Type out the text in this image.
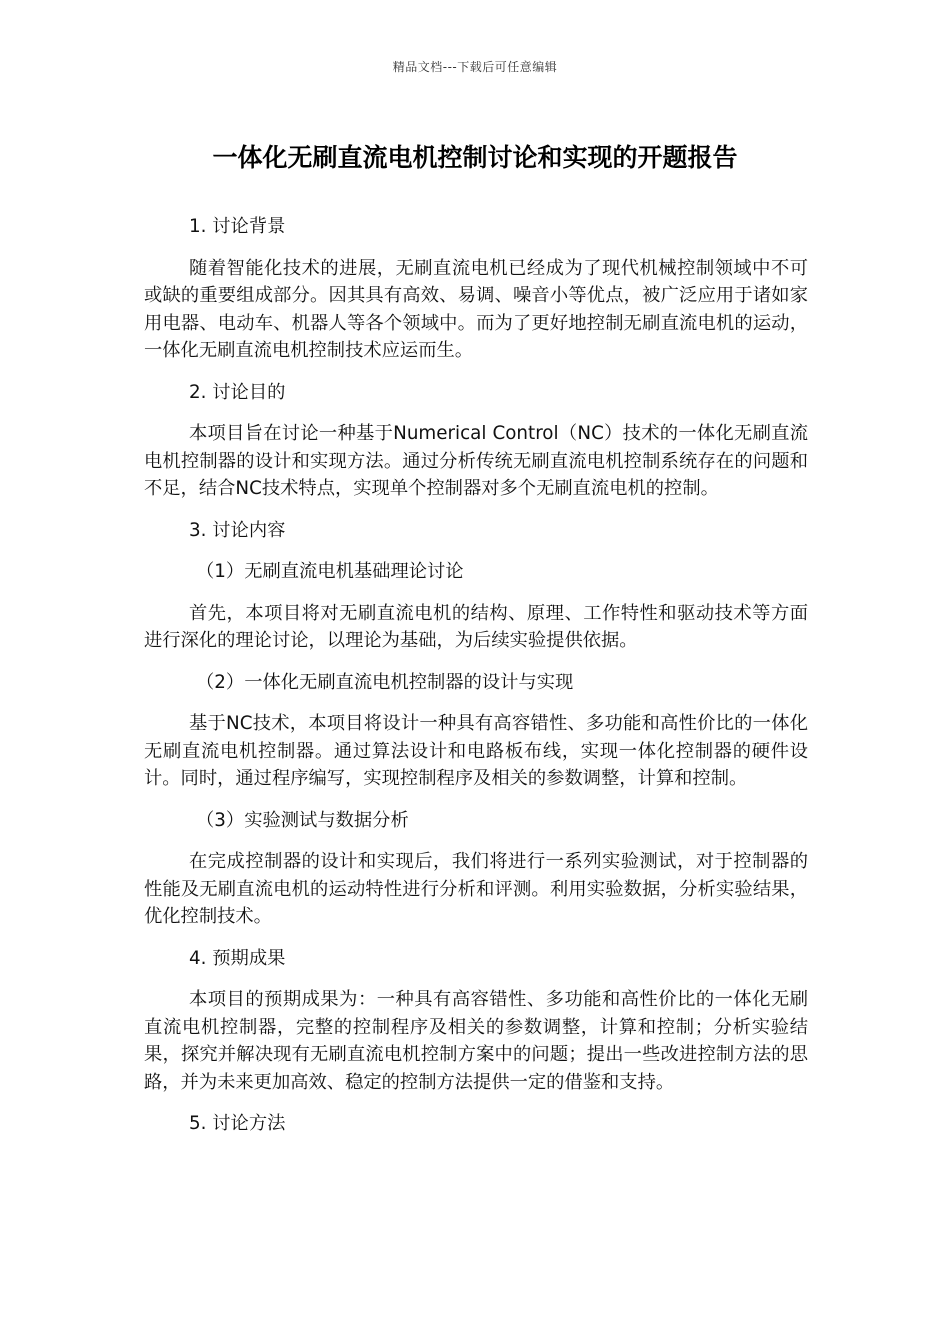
精品文档---下载后可任意编辑
一体化无刷直流电机控制讨论和实现的开题报告
1. 讨论背景

随着智能化技术的进展，无刷直流电机已经成为了现代机械控制领域中不可或缺的重要组成部分。因其具有高效、易调、噪音小等优点，被广泛应用于诸如家用电器、电动车、机器人等各个领域中。而为了更好地控制无刷直流电机的运动，一体化无刷直流电机控制技术应运而生。

2. 讨论目的

本项目旨在讨论一种基于Numerical Control（NC）技术的一体化无刷直流电机控制器的设计和实现方法。通过分析传统无刷直流电机控制系统存在的问题和不足，结合NC技术特点，实现单个控制器对多个无刷直流电机的控制。

3. 讨论内容
（1）无刷直流电机基础理论讨论

首先，本项目将对无刷直流电机的结构、原理、工作特性和驱动技术等方面进行深化的理论讨论，以理论为基础，为后续实验提供依据。

（2）一体化无刷直流电机控制器的设计与实现

基于NC技术，本项目将设计一种具有高容错性、多功能和高性价比的一体化无刷直流电机控制器。通过算法设计和电路板布线，实现一体化控制器的硬件设计。同时，通过程序编写，实现控制程序及相关的参数调整，计算和控制。

（3）实验测试与数据分析

在完成控制器的设计和实现后，我们将进行一系列实验测试，对于控制器的性能及无刷直流电机的运动特性进行分析和评测。利用实验数据，分析实验结果，优化控制技术。

4. 预期成果

本项目的预期成果为：一种具有高容错性、多功能和高性价比的一体化无刷直流电机控制器，完整的控制程序及相关的参数调整，计算和控制；分析实验结果，探究并解决现有无刷直流电机控制方案中的问题；提出一些改进控制方法的思路，并为未来更加高效、稳定的控制方法提供一定的借鉴和支持。

5. 讨论方法
